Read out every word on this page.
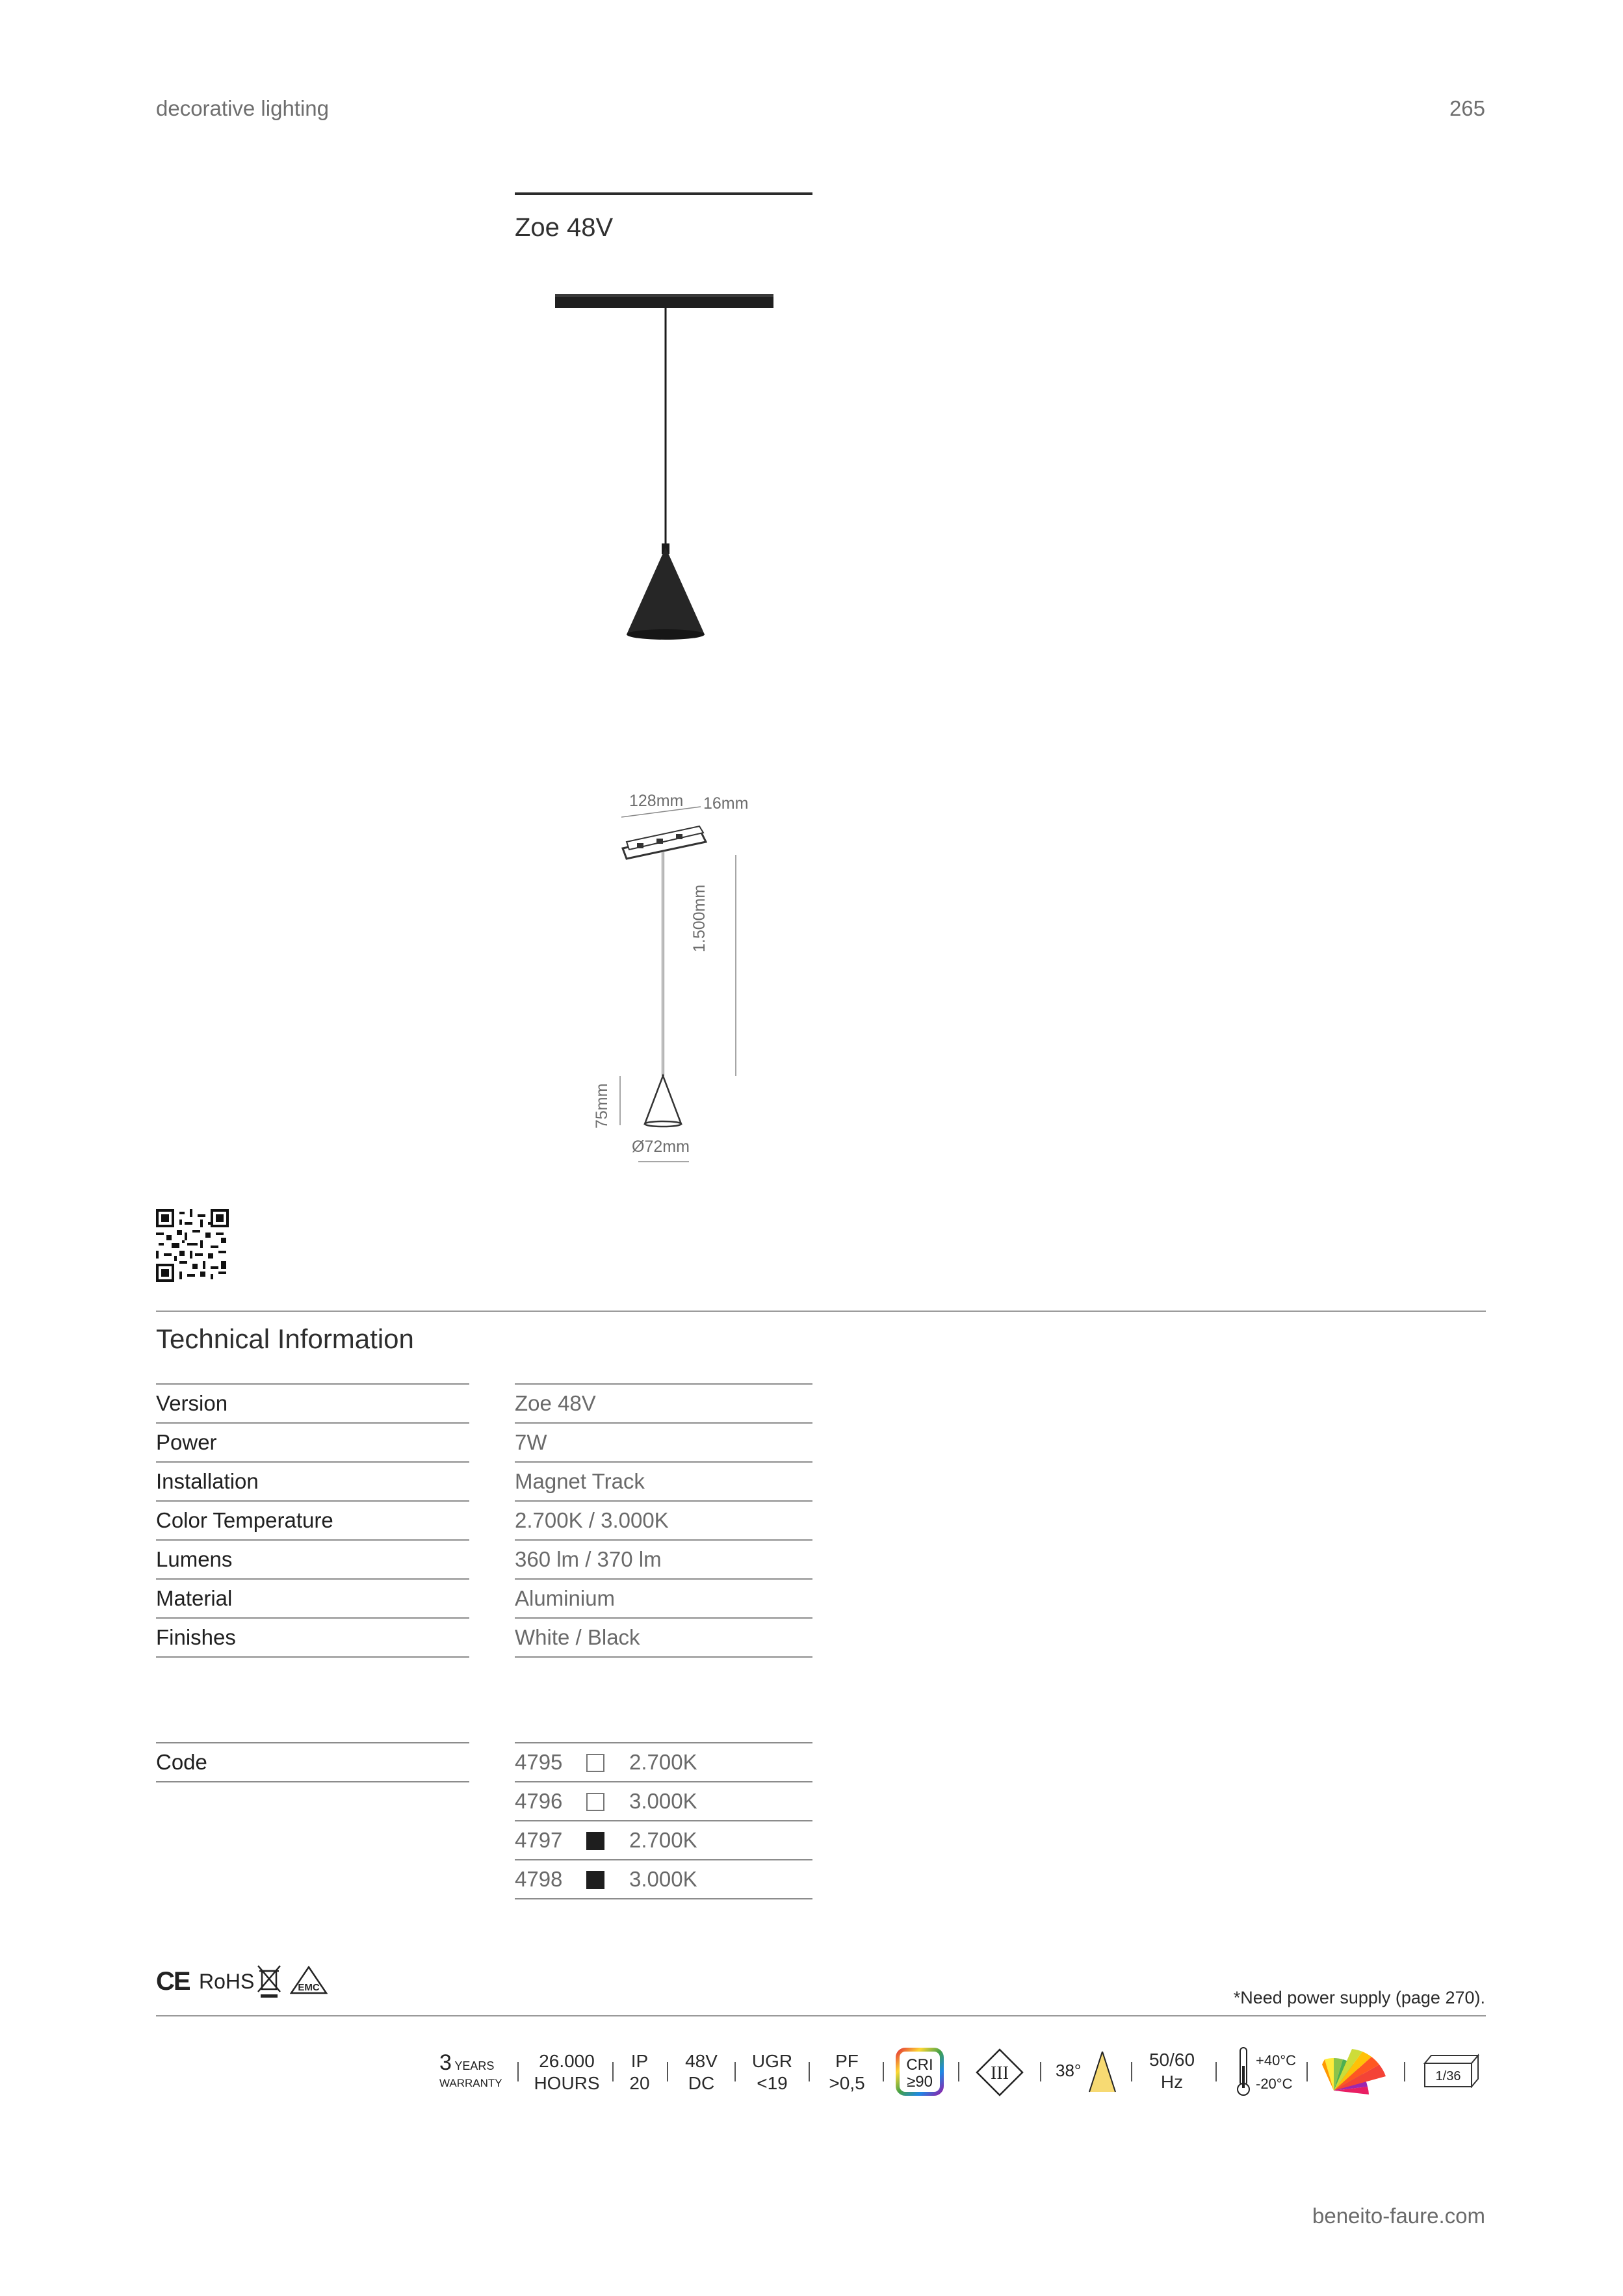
decorative lighting	265
Zoe 48V
128mm 16mm
1.500mm
75mm
Ø72mm
Technical Information
Version	Zoe 48V
Power	7W
Installation	Magnet Track
Color Temperature	2.700K / 3.000K
Lumens	360 lm / 370 lm
Material	Aluminium
Finishes	White / Black
Code	4795	2.700K
4796	3.000K
4797	2.700K
4798	3.000K
CE RoHS	EMC
*Need power supply (page 270).
3 YEARS
WARRANTY
26.000
HOURS
IP
20
48V
DC
UGR
<19
PF
>0,5
CRI
≥90	III	38°
50/60
Hz
+40°C
-20°C	1/36
beneito-faure.com
